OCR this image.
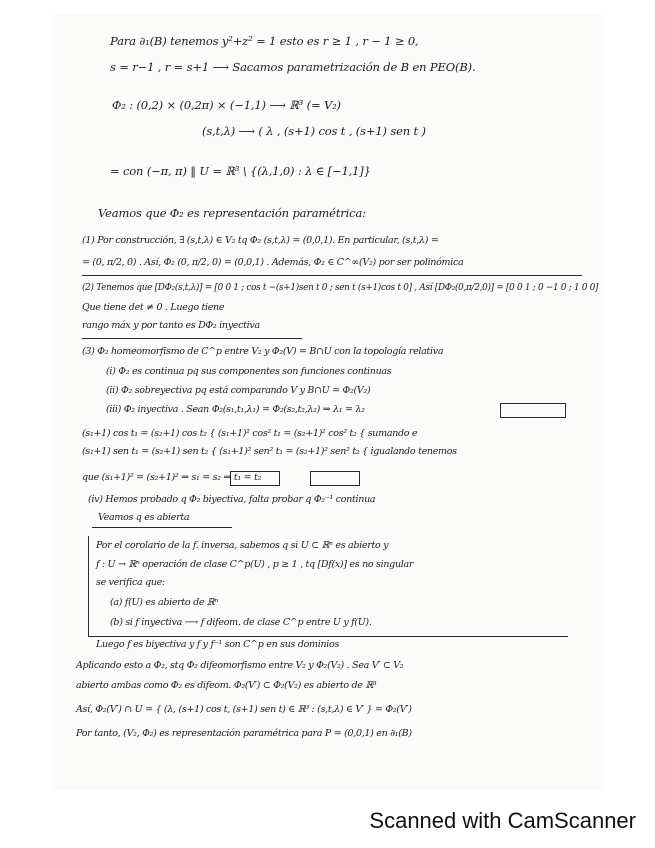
Para ∂₁(B) tenemos y²+z² = 1 esto es r ≥ 1 , r − 1 ≥ 0,
s = r−1 , r = s+1 ⟶ Sacamos parametrización de B en PEO(B).
Φ₂ : (0,2) × (0,2π) × (−1,1) ⟶ ℝ³ (= V₂)
(s,t,λ) ⟶ ( λ , (s+1) cos t , (s+1) sen t )
= con (−π, π) ‖ U = ℝ³ \ {(λ,1,0) : λ ∈ [−1,1]}
Veamos que Φ₂ es representación paramétrica:
(1) Por construcción, ∃ (s,t,λ) ∈ V₂ tq Φ₂ (s,t,λ) = (0,0,1). En particular, (s,t,λ) =
= (0, π/2, 0) . Así, Φ₂ (0, π/2, 0) = (0,0,1) . Además, Φ₂ ∈ C^∞(V₂) por ser polinómica
(2) Tenemos que [DΦ₂(s,t,λ)] = [0 0 1 ; cos t −(s+1)sen t 0 ; sen t (s+1)cos t 0] , Así [DΦ₂(0,π/2,0)] = [0 0 1 ; 0 −1 0 ; 1 0 0]
Que tiene det ≠ 0 . Luego tiene
rango máx y por tanto es DΦ₂ inyectiva
(3) Φ₂ homeomorfismo de C^p entre V₂ y Φ₂(V) = B∩U con la topología relativa
(i) Φ₂ es continua pq sus componentes son funciones continuas
(ii) Φ₂ sobreyectiva pq está comparando V y B∩U = Φ₂(V₂)
(iii) Φ₂ inyectiva . Sean Φ₂(s₁,t₁,λ₁) = Φ₂(s₂,t₂,λ₂) ⇒ λ₁ = λ₂
(s₁+1) cos t₁ = (s₂+1) cos t₂ { (s₁+1)² cos² t₁ = (s₂+1)² cos² t₂ { sumando e
(s₁+1) sen t₁ = (s₂+1) sen t₂ { (s₁+1)² sen² t₁ = (s₂+1)² sen² t₂ { igualando tenemos
que (s₁+1)² = (s₂+1)² ⇒ s₁ = s₂ ⇒ t₁ = t₂
(iv) Hemos probado q Φ₂ biyectiva, falta probar q Φ₂⁻¹ continua
Veamos q es abierta
Por el corolario de la f. inversa, sabemos q si U ⊂ ℝⁿ es abierto y
f : U → ℝⁿ operación de clase C^p(U) , p ≥ 1 , tq [Df(x)] es no singular
se verifica que:
(a) f(U) es abierto de ℝⁿ
(b) si f inyectiva ⟶ f difeom. de clase C^p entre U y f(U).
Luego f es biyectiva y f y f⁻¹ son C^p en sus dominios
Aplicando esto a Φ₂, stq Φ₂ difeomorfismo entre V₂ y Φ₂(V₂) . Sea V′ ⊂ V₂
abierto ambas como Φ₂ es difeom. Φ₂(V′) ⊂ Φ₂(V₂) es abierto de ℝ³
Así, Φ₂(V′) ∩ U = { (λ, (s+1) cos t, (s+1) sen t) ∈ ℝ³ : (s,t,λ) ∈ V′ } = Φ₂(V′)
Por tanto, (V₂, Φ₂) es representación paramétrica para P = (0,0,1) en ∂₁(B)
Scanned with CamScanner
